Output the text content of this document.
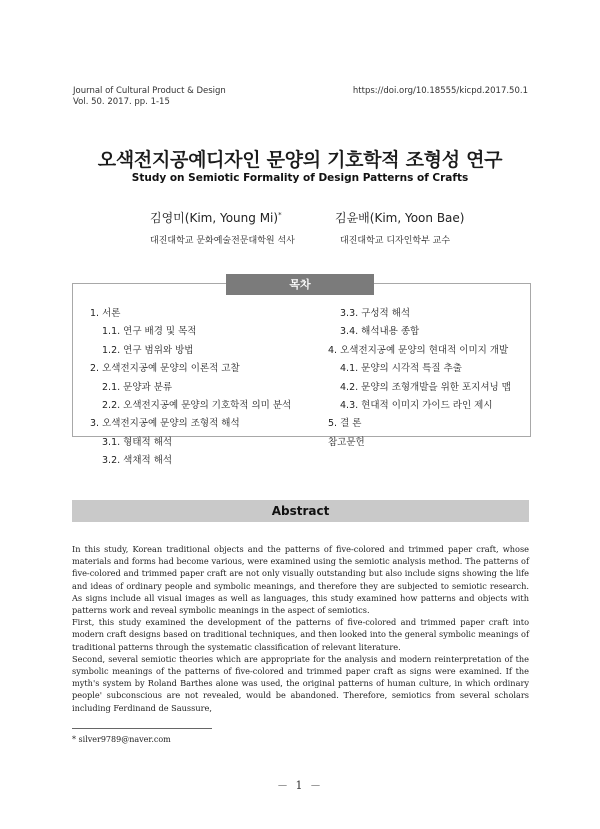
Journal of Cultural Product & Design
Vol. 50. 2017. pp. 1-15
https://doi.org/10.18555/kicpd.2017.50.1
오색전지공예디자인 문양의 기호학적 조형성 연구
Study on Semiotic Formality of Design Patterns of Crafts
김영미(Kim, Young Mi)*
대진대학교 문화예술전문대학원 석사
김윤배(Kim, Yoon Bae)
대진대학교 디자인학부 교수
목차
1. 서론
1.1. 연구 배경 및 목적
1.2. 연구 범위와 방법
2. 오색전지공예 문양의 이론적 고찰
2.1. 문양과 분류
2.2. 오색전지공예 문양의 기호학적 의미 분석
3. 오색전지공예 문양의 조형적 해석
3.1. 형태적 해석
3.2. 색채적 해석
3.3. 구성적 해석
3.4. 해석내용 종합
4. 오색전지공예 문양의 현대적 이미지 개발
4.1. 문양의 시각적 특질 추출
4.2. 문양의 조형개발을 위한 포지셔닝 맵
4.3. 현대적 이미지 가이드 라인 제시
5. 결 론
참고문헌
Abstract

In this study, Korean traditional objects and the patterns of five-colored and trimmed paper craft, whose materials and forms had become various, were examined using the semiotic analysis method. The patterns of five-colored and trimmed paper craft are not only visually outstanding but also include signs showing the life and ideas of ordinary people and symbolic meanings, and therefore they are subjected to semiotic research. As signs include all visual images as well as languages, this study examined how patterns and objects with patterns work and reveal symbolic meanings in the aspect of semiotics.

First, this study examined the development of the patterns of five-colored and trimmed paper craft into modern craft designs based on traditional techniques, and then looked into the general symbolic meanings of traditional patterns through the systematic classification of relevant literature.

Second, several semiotic theories which are appropriate for the analysis and modern reinterpretation of the symbolic meanings of the patterns of five-colored and trimmed paper craft as signs were examined. If the myth's system by Roland Barthes alone was used, the original patterns of human culture, in which ordinary people' subconscious are not revealed, would be abandoned. Therefore, semiotics from several scholars including Ferdinand de Saussure,

* silver9789@naver.com
－ 1 －
